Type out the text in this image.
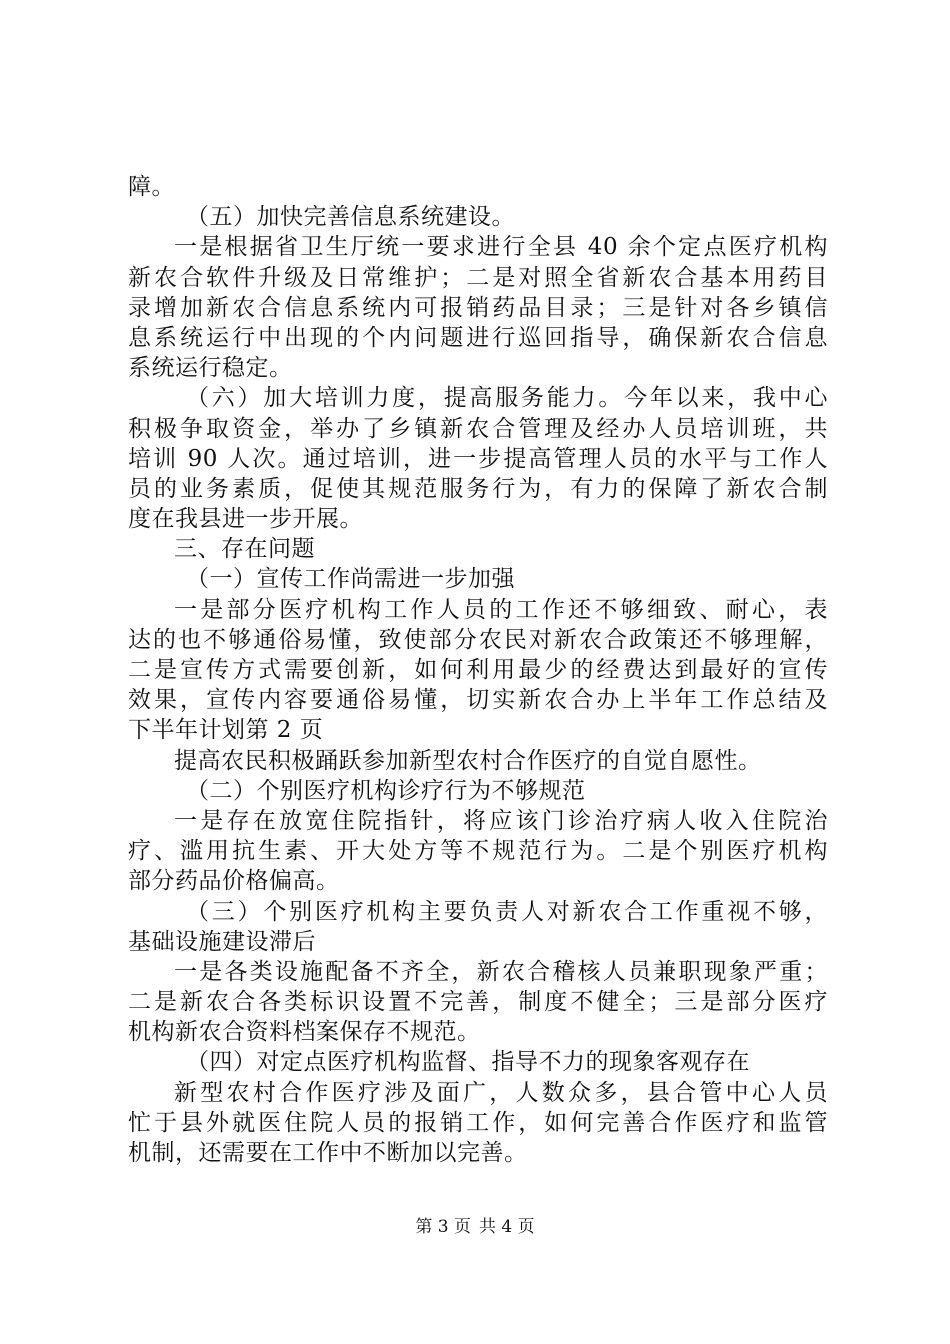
障。
（五）加快完善信息系统建设。
一是根据省卫生厅统一要求进行全县 40 余个定点医疗机构
新农合软件升级及日常维护；二是对照全省新农合基本用药目
录增加新农合信息系统内可报销药品目录；三是针对各乡镇信
息系统运行中出现的个内问题进行巡回指导，确保新农合信息
系统运行稳定。
（六）加大培训力度，提高服务能力。今年以来，我中心
积极争取资金，举办了乡镇新农合管理及经办人员培训班，共
培训 90 人次。通过培训，进一步提高管理人员的水平与工作人
员的业务素质，促使其规范服务行为，有力的保障了新农合制
度在我县进一步开展。
三、存在问题
（一）宣传工作尚需进一步加强
一是部分医疗机构工作人员的工作还不够细致、耐心，表
达的也不够通俗易懂，致使部分农民对新农合政策还不够理解，
二是宣传方式需要创新，如何利用最少的经费达到最好的宣传
效果，宣传内容要通俗易懂，切实新农合办上半年工作总结及
下半年计划第 2 页
提高农民积极踊跃参加新型农村合作医疗的自觉自愿性。
（二）个别医疗机构诊疗行为不够规范
一是存在放宽住院指针，将应该门诊治疗病人收入住院治
疗、滥用抗生素、开大处方等不规范行为。二是个别医疗机构
部分药品价格偏高。
（三）个别医疗机构主要负责人对新农合工作重视不够，
基础设施建设滞后
一是各类设施配备不齐全，新农合稽核人员兼职现象严重；
二是新农合各类标识设置不完善，制度不健全；三是部分医疗
机构新农合资料档案保存不规范。
（四）对定点医疗机构监督、指导不力的现象客观存在
新型农村合作医疗涉及面广，人数众多，县合管中心人员
忙于县外就医住院人员的报销工作，如何完善合作医疗和监管
机制，还需要在工作中不断加以完善。
第 3 页 共 4 页
